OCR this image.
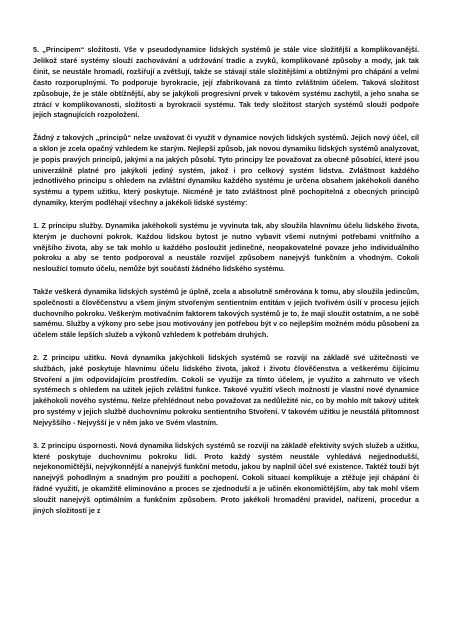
5. „Principem“ složitosti. Vše v pseudodynamice lidských systémů je stále více složitější a komplikovanější. Jelikož staré systémy slouží zachovávání a udržování tradic a zvyků, komplikované způsoby a mody, jak tak činit, se neustále hromadí, rozšiřují a zvětšují, takže se stávají stále složitějšími a obtížnými pro chápání a velmi často rozporuplnými. To podporuje byrokracie, její zfabrikovaná za tímto zvláštním účelem. Taková složitost způsobuje, že je stále obtížnější, aby se jakýkoli progresivní prvek v takovém systému zachytil, a jeho snaha se ztrácí v komplikovanosti, složitosti a byrokracii systému. Tak tedy složitost starých systémů slouží podpoře jejich stagnujících rozpoložení.

Žádný z takových „principů“ nelze uvažovat či využít v dynamice nových lidských systémů. Jejich nový účel, cíl a sklon je zcela opačný vzhledem ke starým. Nejlepší způsob, jak novou dynamiku lidských systémů analyzovat, je popis pravých principů, jakými a na jakých působí. Tyto principy lze považovat za obecně působící, které jsou univerzálně platné pro jakýkoli jediný systém, jakož i pro celkový systém lidstva. Zvláštnost každého jednotlivého principu s ohledem na zvláštní dynamiku každého systému je určena obsahem jakéhokoli daného systému a typem užitku, který poskytuje. Nicméně je tato zvláštnost plně pochopitelná z obecných principů dynamiky, kterým podléhají všechny a jakékoli lidské systémy:

1. Z principu služby. Dynamika jakéhokoli systému je vyvinuta tak, aby sloužila hlavnímu účelu lidského života, kterým je duchovní pokrok. Každou lidskou bytost je nutno vybavit všemi nutnými potřebami vnitřního a vnějšího života, aby se tak mohlo u každého posloužit jedinečné, neopakovatelné povaze jeho individuálního pokroku a aby se tento podporoval a neustále rozvíjel způsobem nanejvýš funkčním a vhodným. Cokoli nesloužící tomuto účelu, nemůže být součástí žádného lidského systému.

Takže veškerá dynamika lidských systémů je úplně, zcela a absolutně směrována k tomu, aby sloužila jedincům, společnosti a člověčenstvu a všem jiným stvořeným sentientním entitám v jejich tvořivém úsilí v procesu jejich duchovního pokroku. Veškerým motivačním faktorem takových systémů je to, že mají sloužit ostatním, a ne sobě samému. Služby a výkony pro sebe jsou motivovány jen potřebou být v co nejlepším možném módu působení za účelem stále lepších služeb a výkonů vzhledem k potřebám druhých.

2. Z principu užitku. Nová dynamika jakýchkoli lidských systémů se rozvíjí na základě své užitečnosti ve službách, jaké poskytuje hlavnímu účelu lidského života, jakož i životu člověčenstva a veškerému čijícímu Stvoření a jím odpovídajícím prostředím. Cokoli se využije za tímto účelem, je využito a zahrnuto ve všech systémech s ohledem na užitek jejich zvláštní funkce. Takové využití všech možností je vlastní nové dynamice jakéhokoli nového systému. Nelze přehlédnout nebo považovat za nedůležité nic, co by mohlo mít takový užitek pro systémy v jejich službě duchovnímu pokroku sentientního Stvoření. V takovém užitku je neustálá přítomnost Nejvyššího - Nejvyšší je v něm jako ve Svém vlastním.

3. Z principu úspornosti. Nová dynamika lidských systémů se rozvíjí na základě efektivity svých služeb a užitku, které poskytuje duchovnímu pokroku lidí. Proto každý systém neustále vyhledává nejjednodušší, nejekonomičtější, nejvýkonnější a nanejvýš funkční metodu, jakou by naplnil účel své existence. Taktéž touží být nanejvýš pohodlným a snadným pro použití a pochopení. Cokoli situaci komplikuje a ztěžuje její chápání či řádné využití, je okamžitě eliminováno a proces se zjednoduší a je učiněn ekonomičtějším, aby tak mohl všem sloužit nanejvýš optimálním a funkčním způsobem. Proto jakékoli hromadění pravidel, nařízení, procedur a jiných složitostí je z
